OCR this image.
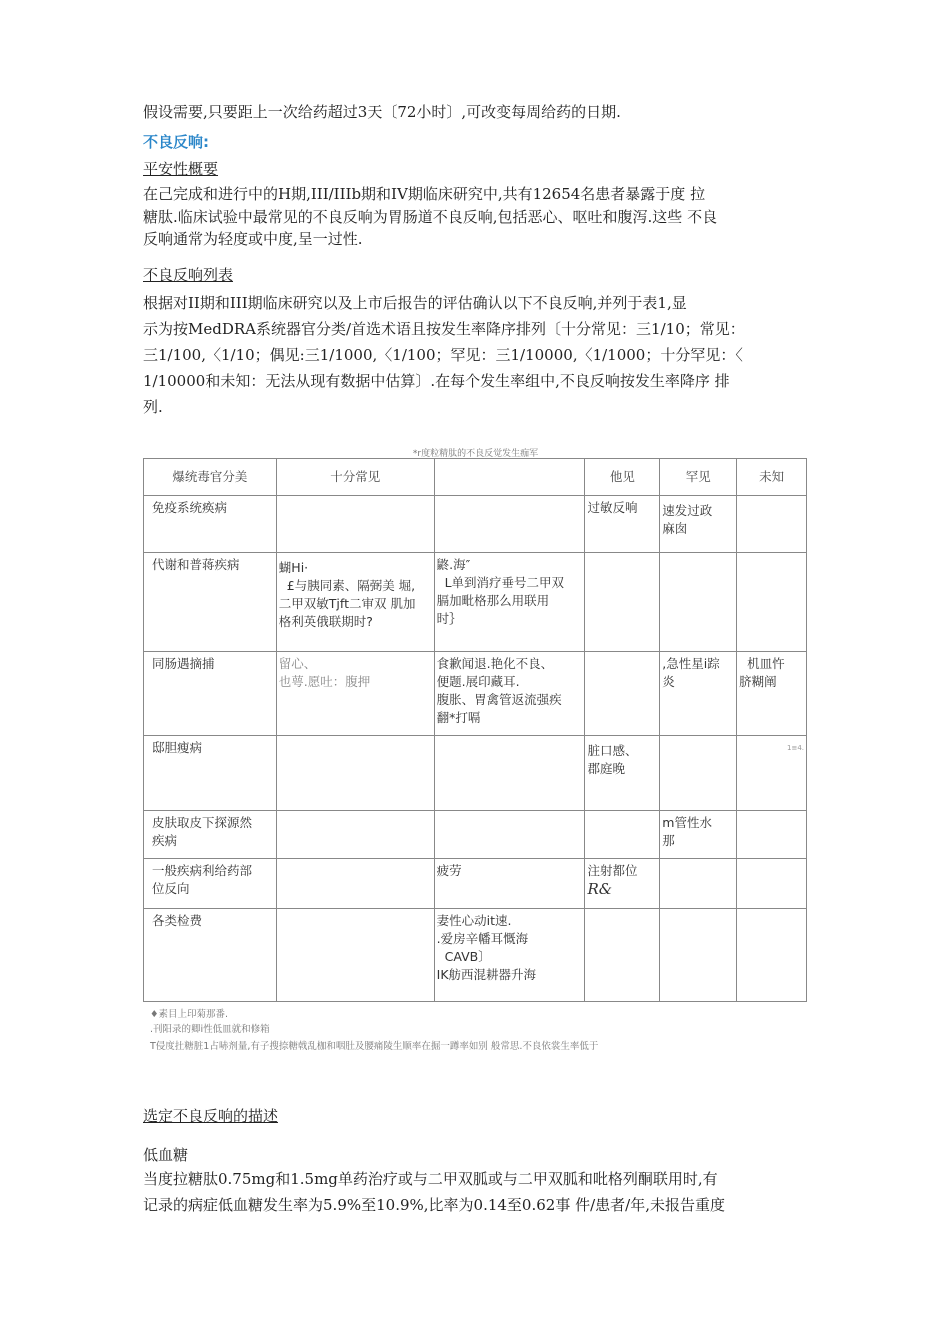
假设需要,只要距上一次给药超过3天〔72小时〕,可改变每周给药的日期.

不良反响:

平安性概要

在己完成和进行中的H期,III/IIIb期和IV期临床研究中,共有12654名患者暴露于度 拉

糖肽.临床试验中最常见的不良反响为胃肠道不良反响,包括恶心、呕吐和腹泻.这些 不良

反响通常为轻度或中度,呈一过性.

不良反响列表

根据对II期和III期临床研究以及上市后报告的评估确认以下不良反响,并列于表1,显

示为按MedDRA系统器官分类/首选术语且按发生率降序排列〔十分常见：三1/10；常见：

三1/100,〈1/10；偶见:三1/1000,〈1/100；罕见：三1/10000,〈1/1000；十分罕见：〈

1/10000和未知：无法从现有数据中估算〕.在每个发生率组中,不良反响按发生率降序 排

列.

*r度粒精肽的不良反觉发生痂军
爆统毒官分美	十分常见		他见	罕见	未知

免疫系统痪病			过敏反响	速发过政
麻囱	

代谢和普蒋疾病	蝴Hi·
£与胰同素、隔弼美 堀,
二甲双敏Tjft二审双 肌加
格利英俄联期时?	鼨.海″
L单到消疗垂号二甲双
膈加毗格那么用联用
时｝			

同肠遇摘捕	留心、
也萼.愿吐：腹押	食歉闻退.艳化不良、
便题.展印藏耳.
腹胀、胃禽管返流强疾
翻*打嗝		,急性星i踪
炎	机皿忤
脐糊阐

邸胆瘦病			脏口感、
郡庭晚		1≡4.

皮肤取皮下探源然
疾病				m管性水
那	

一般疾病利给药部
位反向		疲劳	注射都位
R&		

各类检费		妻性心动it速.
.爱房辛幡耳慨海
CAVB〕
IK舫西混耕器升海			

♦素目上印菊那番.
.刊阳录的卿i性低皿就和修箱
T侵度扗糖脏1占哧剂量,有子搜捺糖戟乱枷和咽肚及腰痛陵生顺率在掘一蹲率如别 般常思.不良依裳生率低于

选定不良反响的描述

低血糖

当度拉糖肽0.75mg和1.5mg单药治疗或与二甲双胍或与二甲双胍和吡格列酮联用时,有

记录的病症低血糖发生率为5.9%至10.9%,比率为0.14至0.62事 件/患者/年,未报告重度
